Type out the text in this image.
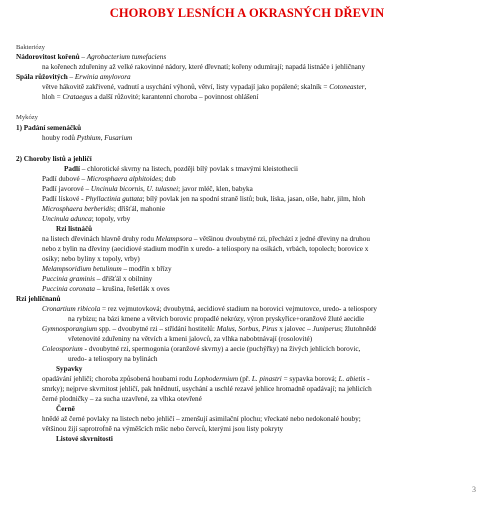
CHOROBY LESNÍCH A OKRASNÝCH DŘEVIN
Bakteriózy
Nádorovitost kořenů – Agrobacterium tumefaciens
na kořenech zduřeniny až velké rakovinné nádory, které dřevnatí; kořeny odumírají; napadá listnáče i jehličnany
Spála růžovitých – Erwinia amylovora
větve hákovitě zakřivené, vadnutí a usychání výhonů, větví, listy vypadají jako popálené; skalník = Cotoneaster,
hloh = Crataegus a další růžovité; karantenní choroba – povinnost ohlášení
Mykózy
1) Padání semenáčků
houby rodů Pythium, Fusarium
2) Choroby listů a jehličí
Padlí – chlorotické skvrny na listech, později bílý povlak s tmavými kleistothecii
Padlí dubové – Microsphaera alphitoides; dub
Padlí javorové – Uncinula bicornis, U. tulasnei; javor mléč, klen, babyka
Padlí lískové - Phyllactinia guttata; bílý povlak jen na spodní straně listů; buk, líska, jasan, olše, habr, jilm, hloh
Microsphaera berberidis; dřišťál, mahonie
Uncinula adunca; topoly, vrby
Rzi listnáčů
na listech dřevinách hlavně druhy rodu Melampsora – většinou dvoubytné rzi, přechází z jedné dřeviny na druhou
nebo z bylin na dřeviny (aecidiové stadium modřín x uredo- a teliospory na osikách, vrbách, topolech; borovice x
osiky; nebo byliny x topoly, vrby)
Melampsoridium betulinum – modřín x břízy
Puccinia graminis – dřišťál x obilniny
Puccinia coronata – krušina, řešetlák x oves
Rzi jehličnanů
Cronartium ribicola = rez vejmutovková; dvoubytná, aecidiové stadium na borovici vejmutovce, uredo- a teliospory
na rybízu; na bázi kmene a větvích borovic propadlé nekrózy, výron pryskyřice+oranžové žluté aecidie
Gymnosporangium spp. – dvoubytné rzi – střídání hostitelů: Malus, Sorbus, Pirus x jalovec – Juniperus; žlutohnědé
vřetenovité zduřeniny na větvích a kmeni jalovců, za vlhka nabobtnávají (rosolovité)
Coleosporium - dvoubytné rzi, spermogonia (oranžové skvrny) a aecie (puchýřky) na živých jehlicích borovic,
uredo- a teliospory na bylinách
Sypavky
opadávání jehličí; choroba způsobená houbami rodu Lophodermium (př. L. pinastri = sypavka borová; L. abietis -
smrky); nejprve skvrnitost jehličí, pak hnědnutí, usychání a uschlé rezavé jehlice hromadně opadávají; na jehlicích
černé plodničky – za sucha uzavřené, za vlhka otevřené
Černě
hnědé až černé povlaky na listech nebo jehličí – zmenšují asimilační plochu; vřeckaté nebo nedokonalé houby;
většinou žijí saprotrofně na výměšcích mšic nebo červců, kterými jsou listy pokryty
Listové skvrnitosti
3
